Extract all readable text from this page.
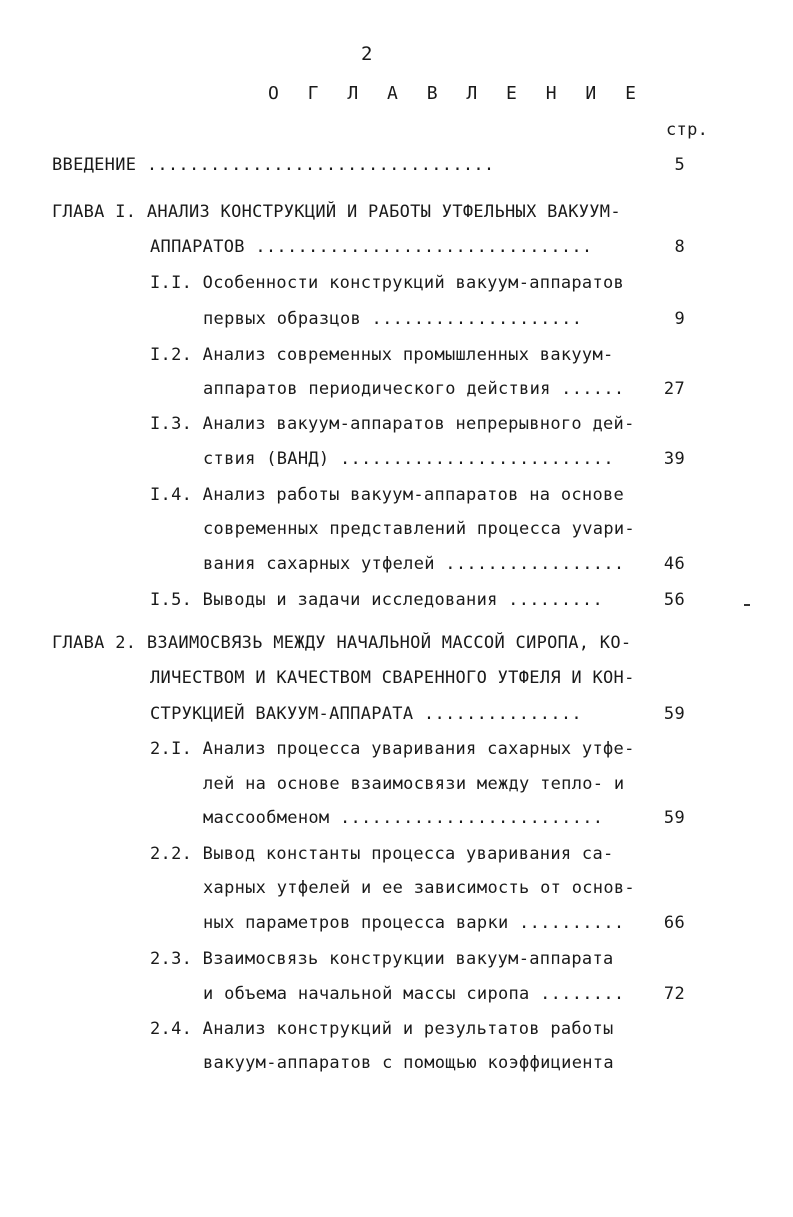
2
О Г Л А В Л Е Н И Е
стр.
ВВЕДЕНИЕ .................................	5
ГЛАВА I. АНАЛИЗ КОНСТРУКЦИЙ И РАБОТЫ УТФЕЛЬНЫХ ВАКУУМ-
АППАРАТОВ ................................	8
I.I. Особенности конструкций вакуум-аппаратов
первых образцов ....................	9
I.2. Анализ современных промышленных вакуум-
аппаратов периодического действия ......	27
I.3. Анализ вакуум-аппаратов непрерывного дей-
ствия (ВАНД) ..........................	39
I.4. Анализ работы вакуум-аппаратов на основе
современных представлений процесса уvари-
вания сахарных утфелей .................	46
I.5. Выводы и задачи исследования .........	56
ГЛАВА 2. ВЗАИМОСВЯЗЬ МЕЖДУ НАЧАЛЬНОЙ МАССОЙ СИРОПА, КО-
ЛИЧЕСТВОМ И КАЧЕСТВОМ СВАРЕННОГО УТФЕЛЯ И КОН-
СТРУКЦИЕЙ ВАКУУМ-АППАРАТА ...............	59
2.I. Анализ процесса уваривания сахарных утфе-
лей на основе взаимосвязи между тепло- и
массообменом .........................	59
2.2. Вывод константы процесса уваривания са-
харных утфелей и ее зависимость от основ-
ных параметров процесса варки ..........	66
2.3. Взаимосвязь конструкции вакуум-аппарата
и объема начальной массы сиропа ........	72
2.4. Анализ конструкций и результатов работы
вакуум-аппаратов с помощью коэффициента
